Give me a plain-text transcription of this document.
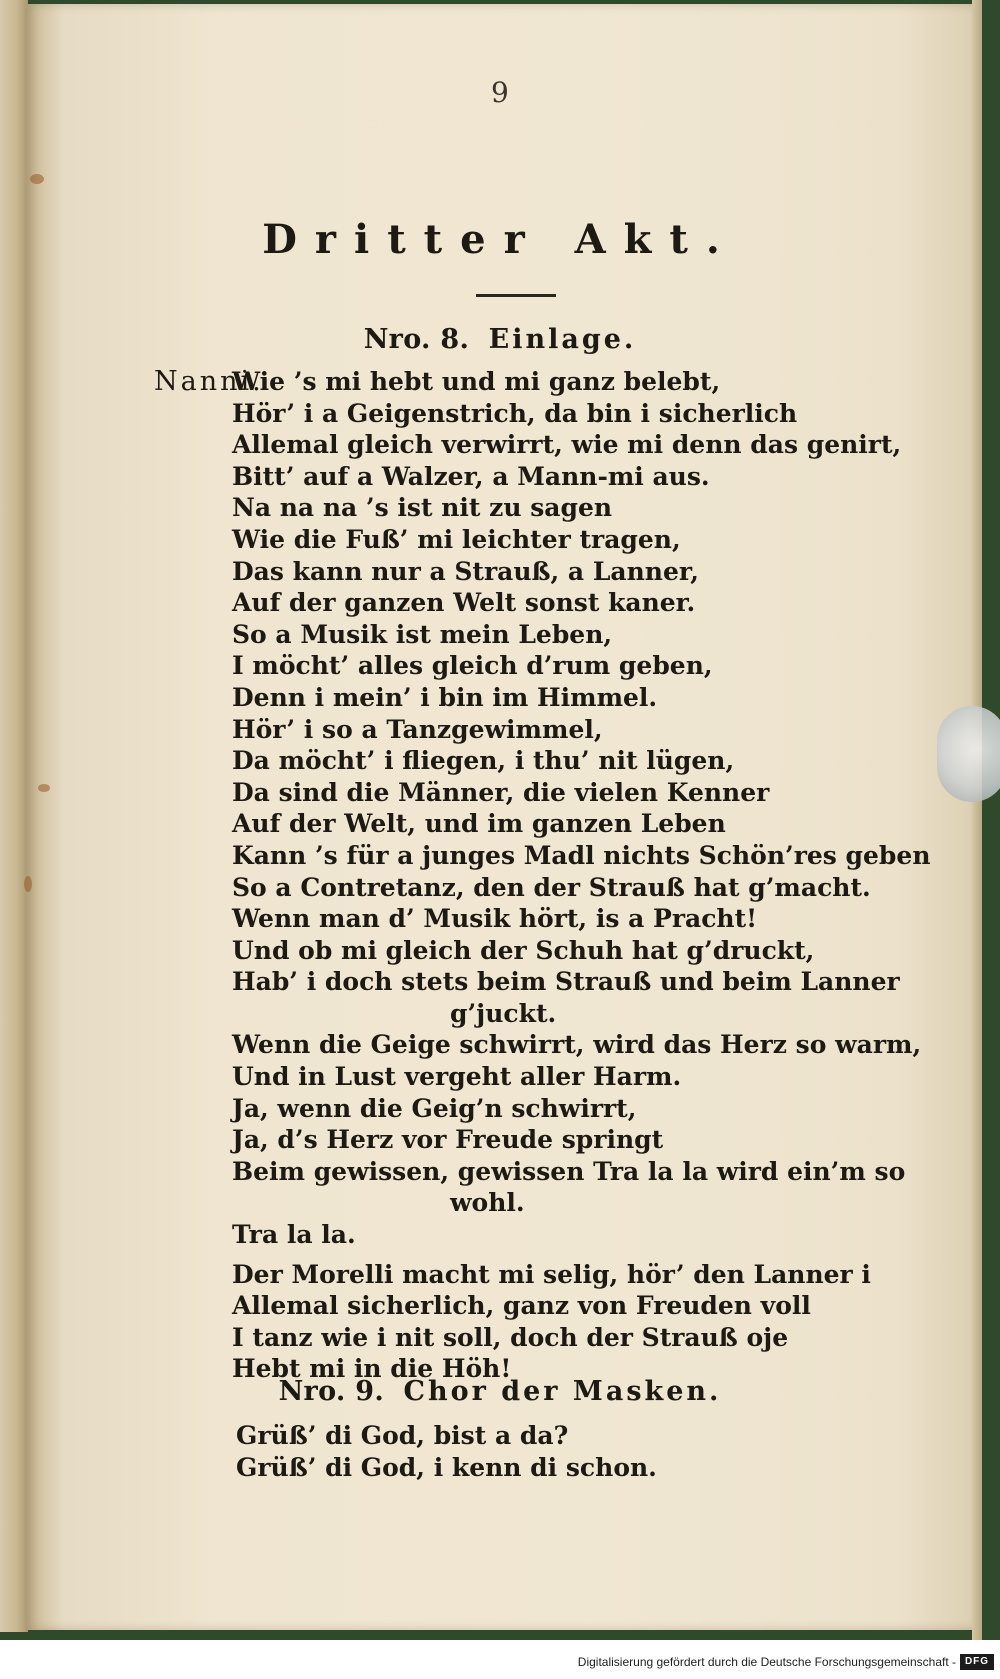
9
Dritter Akt.
Nro. 8. Einlage.
Nanni.
Wie ’s mi hebt und mi ganz belebt,
Hör’ i a Geigenstrich, da bin i sicherlich
Allemal gleich verwirrt, wie mi denn das genirt,
Bitt’ auf a Walzer, a Mann-mi aus.
Na na na ’s ist nit zu sagen
Wie die Fuß’ mi leichter tragen,
Das kann nur a Strauß, a Lanner,
Auf der ganzen Welt sonst kaner.
So a Musik ist mein Leben,
I möcht’ alles gleich d’rum geben,
Denn i mein’ i bin im Himmel.
Hör’ i so a Tanzgewimmel,
Da möcht’ i fliegen, i thu’ nit lügen,
Da sind die Männer, die vielen Kenner
Auf der Welt, und im ganzen Leben
Kann ’s für a junges Madl nichts Schön’res geben
So a Contretanz, den der Strauß hat g’macht.
Wenn man d’ Musik hört, is a Pracht!
Und ob mi gleich der Schuh hat g’druckt,
Hab’ i doch stets beim Strauß und beim Lanner
g’juckt.
Wenn die Geige schwirrt, wird das Herz so warm,
Und in Lust vergeht aller Harm.
Ja, wenn die Geig’n schwirrt,
Ja, d’s Herz vor Freude springt
Beim gewissen, gewissen Tra la la wird ein’m so
wohl.
Tra la la.
Der Morelli macht mi selig, hör’ den Lanner i
Allemal sicherlich, ganz von Freuden voll
I tanz wie i nit soll, doch der Strauß oje
Hebt mi in die Höh!
Nro. 9. Chor der Masken.
Grüß’ di God, bist a da?
Grüß’ di God, i kenn di schon.
Digitalisierung gefördert durch die Deutsche Forschungsgemeinschaft - DFG
